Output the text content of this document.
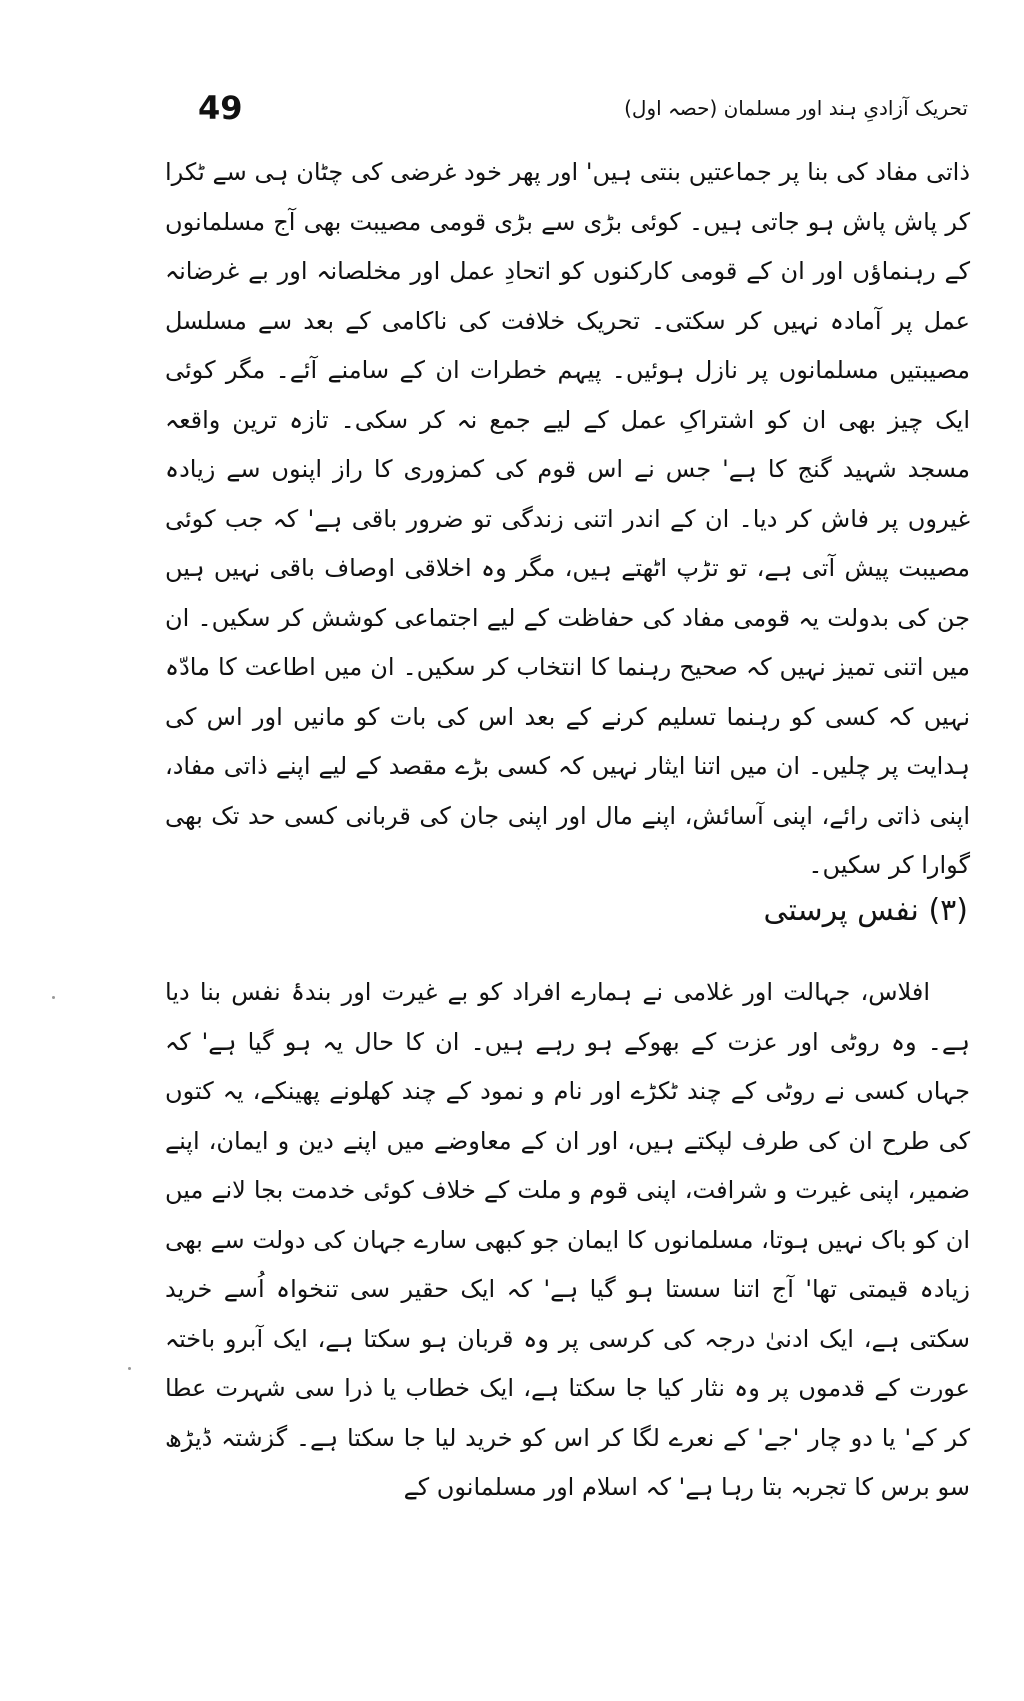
49	تحریک آزادیِ ہند اور مسلمان (حصہ اول)

ذاتی مفاد کی بنا پر جماعتیں بنتی ہیں' اور پھر خود غرضی کی چٹان ہی سے ٹکرا کر پاش پاش ہو جاتی ہیں۔ کوئی بڑی سے بڑی قومی مصیبت بھی آج مسلمانوں کے رہنماؤں اور ان کے قومی کارکنوں کو اتحادِ عمل اور مخلصانہ اور بے غرضانہ عمل پر آمادہ نہیں کر سکتی۔ تحریک خلافت کی ناکامی کے بعد سے مسلسل مصیبتیں مسلمانوں پر نازل ہوئیں۔ پیہم خطرات ان کے سامنے آئے۔ مگر کوئی ایک چیز بھی ان کو اشتراکِ عمل کے لیے جمع نہ کر سکی۔ تازہ ترین واقعہ مسجد شہید گنج کا ہے' جس نے اس قوم کی کمزوری کا راز اپنوں سے زیادہ غیروں پر فاش کر دیا۔ ان کے اندر اتنی زندگی تو ضرور باقی ہے' کہ جب کوئی مصیبت پیش آتی ہے، تو تڑپ اٹھتے ہیں، مگر وہ اخلاقی اوصاف باقی نہیں ہیں جن کی بدولت یہ قومی مفاد کی حفاظت کے لیے اجتماعی کوشش کر سکیں۔ ان میں اتنی تمیز نہیں کہ صحیح رہنما کا انتخاب کر سکیں۔ ان میں اطاعت کا مادّہ نہیں کہ کسی کو رہنما تسلیم کرنے کے بعد اس کی بات کو مانیں اور اس کی ہدایت پر چلیں۔ ان میں اتنا ایثار نہیں کہ کسی بڑے مقصد کے لیے اپنے ذاتی مفاد، اپنی ذاتی رائے، اپنی آسائش، اپنے مال اور اپنی جان کی قربانی کسی حد تک بھی گوارا کر سکیں۔

(۳) نفس پرستی

افلاس، جہالت اور غلامی نے ہمارے افراد کو بے غیرت اور بندۂ نفس بنا دیا ہے۔ وہ روٹی اور عزت کے بھوکے ہو رہے ہیں۔ ان کا حال یہ ہو گیا ہے' کہ جہاں کسی نے روٹی کے چند ٹکڑے اور نام و نمود کے چند کھلونے پھینکے، یہ کتوں کی طرح ان کی طرف لپکتے ہیں، اور ان کے معاوضے میں اپنے دین و ایمان، اپنے ضمیر، اپنی غیرت و شرافت، اپنی قوم و ملت کے خلاف کوئی خدمت بجا لانے میں ان کو باک نہیں ہوتا، مسلمانوں کا ایمان جو کبھی سارے جہان کی دولت سے بھی زیادہ قیمتی تھا' آج اتنا سستا ہو گیا ہے' کہ ایک حقیر سی تنخواہ اُسے خرید سکتی ہے، ایک ادنیٰ درجہ کی کرسی پر وہ قربان ہو سکتا ہے، ایک آبرو باختہ عورت کے قدموں پر وہ نثار کیا جا سکتا ہے، ایک خطاب یا ذرا سی شہرت عطا کر کے' یا دو چار 'جے' کے نعرے لگا کر اس کو خرید لیا جا سکتا ہے۔ گزشتہ ڈیڑھ سو برس کا تجربہ بتا رہا ہے' کہ اسلام اور مسلمانوں کے
